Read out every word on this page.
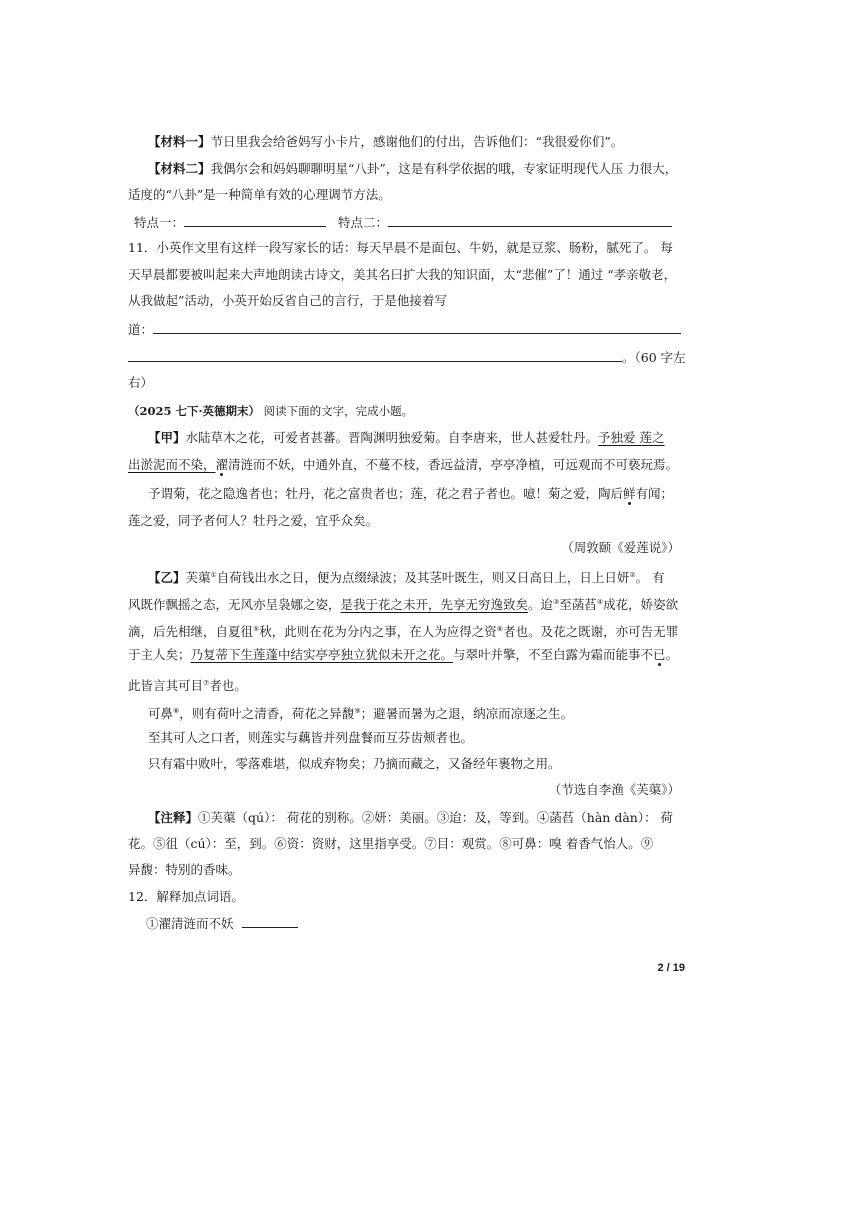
【材料一】节日里我会给爸妈写小卡片，感谢他们的付出，告诉他们：“我很爱你们”。
【材料二】我偶尔会和妈妈聊聊明星“八卦”，这是有科学依据的哦，专家证明现代人压 力很大，
适度的“八卦”是一种简单有效的心理调节方法。
特点一：	特点二：
11．小英作文里有这样一段写家长的话：每天早晨不是面包、牛奶，就是豆浆、肠粉，腻死了。 每
天早晨都要被叫起来大声地朗读古诗文，美其名曰扩大我的知识面，太“悲催”了！通过 “孝亲敬老，
从我做起”活动，小英开始反省自己的言行，于是他接着写
道：
。（60 字左
右）
（2025 七下·英德期末） 阅读下面的文字，完成小题。
【甲】水陆草木之花，可爱者甚蕃。晋陶渊明独爱菊。自李唐来，世人甚爱牡丹。予独爱 莲之
出淤泥而不染，濯清涟而不妖，中通外直，不蔓不枝，香远益清，亭亭净植，可远观而不可亵玩焉。
予谓菊，花之隐逸者也；牡丹，花之富贵者也；莲，花之君子者也。噫！菊之爱，陶后鲜有闻；
莲之爱，同予者何人？牡丹之爱，宜乎众矣。
（周敦颐《爱莲说》）
【乙】芙蕖①自荷钱出水之日，便为点缀绿波；及其茎叶既生，则又日高日上，日上日妍②。 有
风既作飘摇之态，无风亦呈袅娜之姿，是我于花之未开，先享无穷逸致矣。迨③至菡萏④成花，娇姿欲
滴，后先相继，自夏徂⑤秋，此则在花为分内之事，在人为应得之资⑥者也。及花之既谢，亦可告无罪
于主人矣；乃复蒂下生莲蓬中结实亭亭独立犹似未开之花。与翠叶并擎，不至白露为霜而能事不已。
此皆言其可目⑦者也。
可鼻⑧，则有荷叶之清香，荷花之异馥⑨；避暑而暑为之退，纳凉而凉逐之生。
至其可人之口者，则莲实与藕皆并列盘餐而互芬齿颊者也。
只有霜中败叶，零落难堪，似成弃物矣；乃摘而藏之，又备经年裹物之用。
（节选自李渔《芙蕖》）
【注释】①芙蕖（qú）： 荷花的别称。②妍：美丽。③迨：及，等到。④菡萏（hàn dàn）： 荷
花。⑤徂（cú）：至，到。⑥资：资财，这里指享受。⑦目：观赏。⑧可鼻：嗅 着香气怡人。⑨
异馥：特别的香味。
12．解释加点词语。
①濯清涟而不妖
2 / 19
